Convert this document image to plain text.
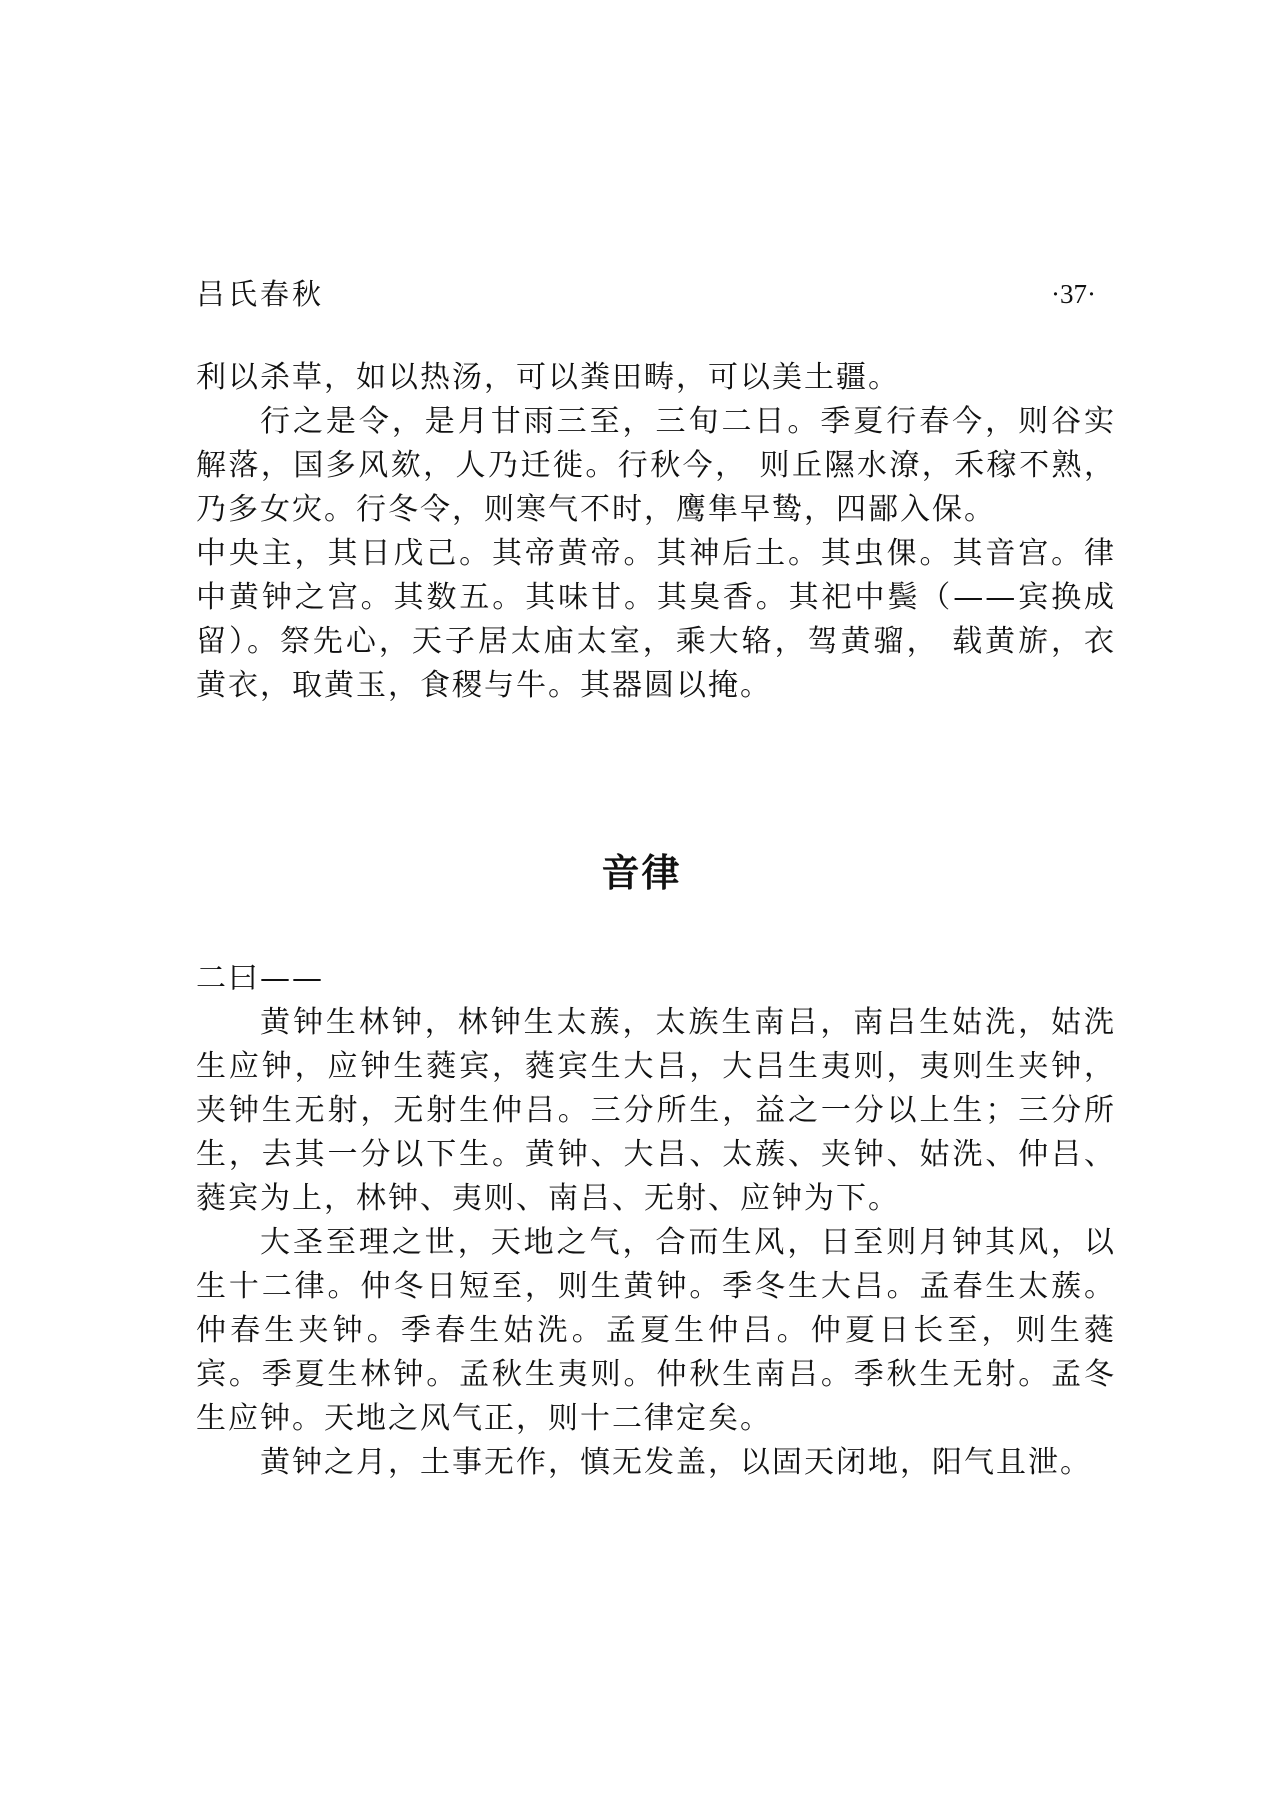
吕氏春秋	·37·

利以杀草，如以热汤，可以粪田畴，可以美土疆。

行之是令，是月甘雨三至，三旬二日。季夏行春今，则谷实解落，国多风欬，人乃迁徙。行秋今， 则丘隰水潦，禾稼不熟，乃多女灾。行冬令，则寒气不时，鹰隼早鸷，四鄙入保。

中央主，其日戊己。其帝黄帝。其神后土。其虫倮。其音宫。律中黄钟之宫。其数五。其味甘。其臭香。其祀中鬓（——宾换成留）。祭先心，天子居太庙太室，乘大辂，驾黄骝， 载黄旂，衣黄衣，取黄玉，食稷与牛。其器圆以掩。

音律

二曰——

黄钟生林钟，林钟生太蔟，太族生南吕，南吕生姑洗，姑洗生应钟，应钟生蕤宾，蕤宾生大吕，大吕生夷则，夷则生夹钟，夹钟生无射，无射生仲吕。三分所生，益之一分以上生；三分所生，去其一分以下生。黄钟、大吕、太蔟、夹钟、姑洗、仲吕、蕤宾为上，林钟、夷则、南吕、无射、应钟为下。

大圣至理之世，天地之气，合而生风，日至则月钟其风，以生十二律。仲冬日短至，则生黄钟。季冬生大吕。孟春生太蔟。仲春生夹钟。季春生姑洗。孟夏生仲吕。仲夏日长至，则生蕤宾。季夏生林钟。孟秋生夷则。仲秋生南吕。季秋生无射。孟冬生应钟。天地之风气正，则十二律定矣。

黄钟之月，土事无作，慎无发盖，以固天闭地，阳气且泄。
